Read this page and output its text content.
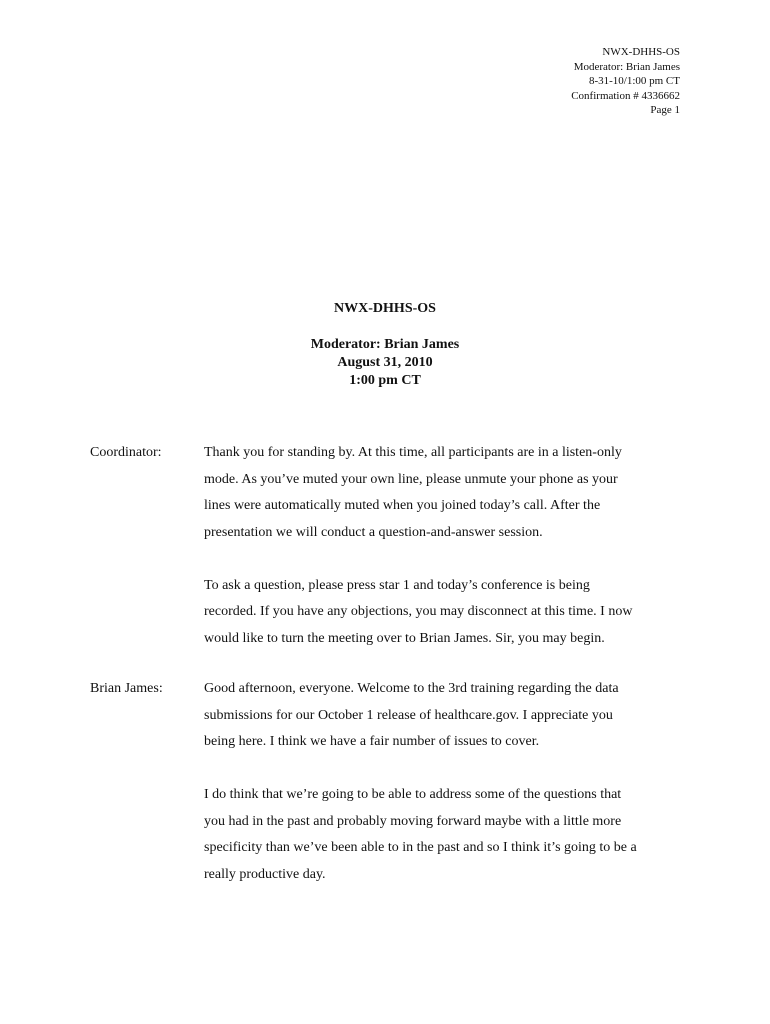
NWX-DHHS-OS
Moderator: Brian James
8-31-10/1:00 pm CT
Confirmation # 4336662
Page 1
NWX-DHHS-OS
Moderator: Brian James
August 31, 2010
1:00 pm CT
Coordinator:	Thank you for standing by. At this time, all participants are in a listen-only
mode. As you’ve muted your own line, please unmute your phone as your
lines were automatically muted when you joined today’s call. After the
presentation we will conduct a question-and-answer session.

To ask a question, please press star 1 and today’s conference is being
recorded. If you have any objections, you may disconnect at this time. I now
would like to turn the meeting over to Brian James. Sir, you may begin.

Brian James:	Good afternoon, everyone. Welcome to the 3rd training regarding the data
submissions for our October 1 release of healthcare.gov. I appreciate you
being here. I think we have a fair number of issues to cover.

I do think that we’re going to be able to address some of the questions that
you had in the past and probably moving forward maybe with a little more
specificity than we’ve been able to in the past and so I think it’s going to be a
really productive day.
